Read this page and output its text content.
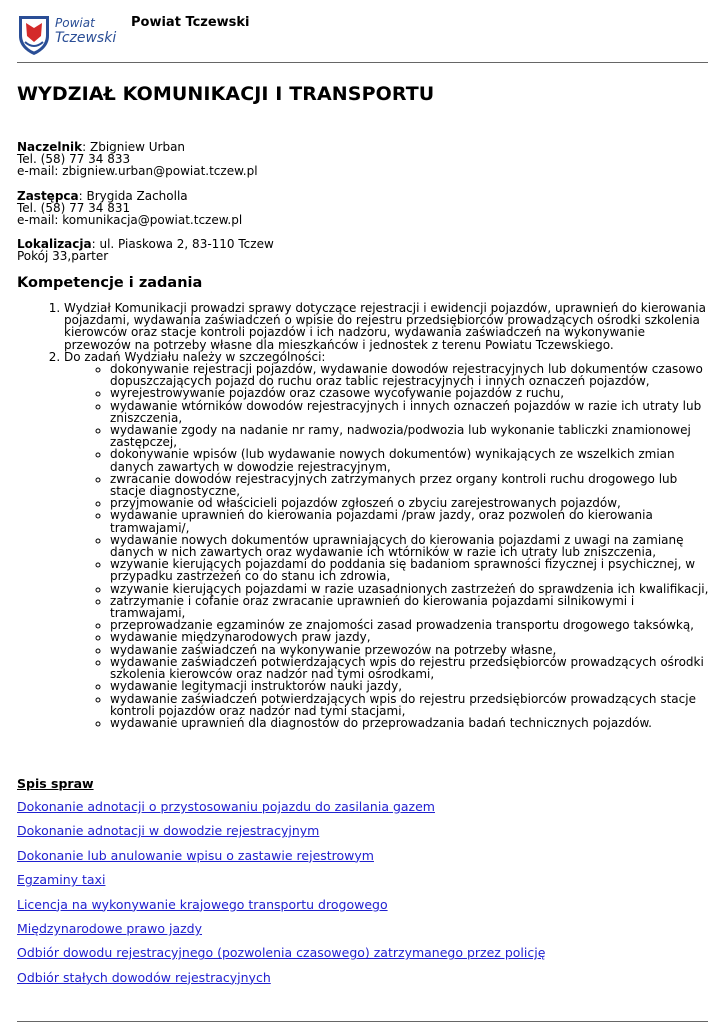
Powiat
Tczewski
Powiat Tczewski
WYDZIAŁ KOMUNIKACJI I TRANSPORTU
Naczelnik: Zbigniew Urban
Tel. (58) 77 34 833
e-mail: zbigniew.urban@powiat.tczew.pl
Zastępca: Brygida Zacholla
Tel. (58) 77 34 831
e-mail: komunikacja@powiat.tczew.pl
Lokalizacja: ul. Piaskowa 2, 83-110 Tczew
Pokój 33,parter
Kompetencje i zadania
1. Wydział Komunikacji prowadzi sprawy dotyczące rejestracji i ewidencji pojazdów, uprawnień do kierowania pojazdami, wydawania zaświadczeń o wpisie do rejestru przedsiębiorców prowadzących ośrodki szkolenia kierowców oraz stacje kontroli pojazdów i ich nadzoru, wydawania zaświadczeń na wykonywanie przewozów na potrzeby własne dla mieszkańców i jednostek z terenu Powiatu Tczewskiego.
2. Do zadań Wydziału należy w szczególności:
◦ dokonywanie rejestracji pojazdów, wydawanie dowodów rejestracyjnych lub dokumentów czasowo dopuszczających pojazd do ruchu oraz tablic rejestracyjnych i innych oznaczeń pojazdów,
◦ wyrejestrowywanie pojazdów oraz czasowe wycofywanie pojazdów z ruchu,
◦ wydawanie wtórników dowodów rejestracyjnych i innych oznaczeń pojazdów w razie ich utraty lub zniszczenia,
◦ wydawanie zgody na nadanie nr ramy, nadwozia/podwozia lub wykonanie tabliczki znamionowej zastępczej,
◦ dokonywanie wpisów (lub wydawanie nowych dokumentów) wynikających ze wszelkich zmian danych zawartych w dowodzie rejestracyjnym,
◦ zwracanie dowodów rejestracyjnych zatrzymanych przez organy kontroli ruchu drogowego lub stacje diagnostyczne,
◦ przyjmowanie od właścicieli pojazdów zgłoszeń o zbyciu zarejestrowanych pojazdów,
◦ wydawanie uprawnień do kierowania pojazdami /praw jazdy, oraz pozwoleń do kierowania tramwajami/,
◦ wydawanie nowych dokumentów uprawniających do kierowania pojazdami z uwagi na zamianę danych w nich zawartych oraz wydawanie ich wtórników w razie ich utraty lub zniszczenia,
◦ wzywanie kierujących pojazdami do poddania się badaniom sprawności fizycznej i psychicznej, w przypadku zastrzeżeń co do stanu ich zdrowia,
◦ wzywanie kierujących pojazdami w razie uzasadnionych zastrzeżeń do sprawdzenia ich kwalifikacji,
◦ zatrzymanie i cofanie oraz zwracanie uprawnień do kierowania pojazdami silnikowymi i tramwajami,
◦ przeprowadzanie egzaminów ze znajomości zasad prowadzenia transportu drogowego taksówką,
◦ wydawanie międzynarodowych praw jazdy,
◦ wydawanie zaświadczeń na wykonywanie przewozów na potrzeby własne,
◦ wydawanie zaświadczeń potwierdzających wpis do rejestru przedsiębiorców prowadzących ośrodki szkolenia kierowców oraz nadzór nad tymi ośrodkami,
◦ wydawanie legitymacji instruktorów nauki jazdy,
◦ wydawanie zaświadczeń potwierdzających wpis do rejestru przedsiębiorców prowadzących stacje kontroli pojazdów oraz nadzór nad tymi stacjami,
◦ wydawanie uprawnień dla diagnostów do przeprowadzania badań technicznych pojazdów.
Spis spraw
Dokonanie adnotacji o przystosowaniu pojazdu do zasilania gazem
Dokonanie adnotacji w dowodzie rejestracyjnym
Dokonanie lub anulowanie wpisu o zastawie rejestrowym
Egzaminy taxi
Licencja na wykonywanie krajowego transportu drogowego
Międzynarodowe prawo jazdy
Odbiór dowodu rejestracyjnego (pozwolenia czasowego) zatrzymanego przez policję
Odbiór stałych dowodów rejestracyjnych
